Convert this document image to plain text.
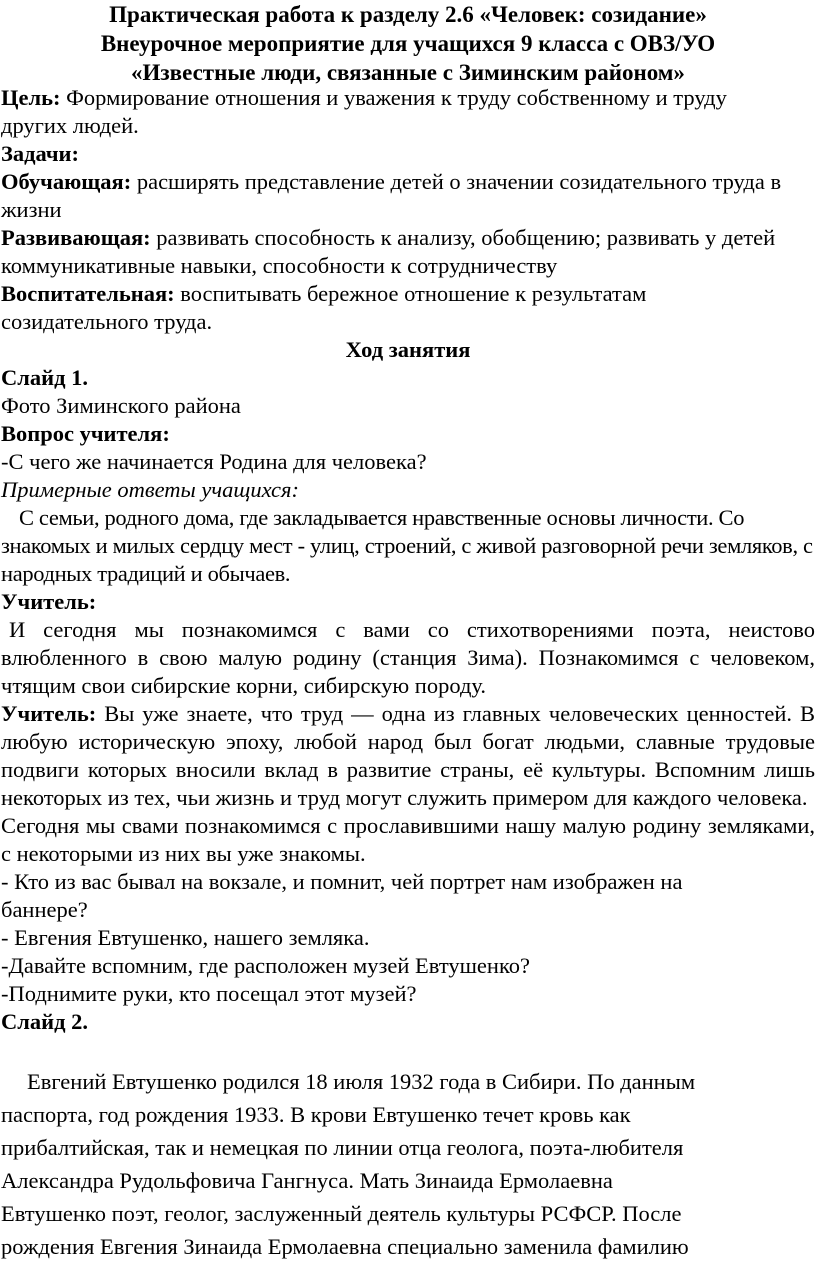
Практическая работа к разделу 2.6 «Человек: созидание»
Внеурочное мероприятие для учащихся 9 класса с ОВЗ/УО
«Известные люди, связанные с Зиминским районом»

Цель: Формирование отношения и уважения к труду собственному и труду других людей.

Задачи:

Обучающая: расширять представление детей о значении созидательного труда в жизни

Развивающая: развивать способность к анализу, обобщению; развивать у детей коммуникативные навыки, способности к сотрудничеству

Воспитательная: воспитывать бережное отношение к результатам созидательного труда.

Ход занятия

Слайд 1.

Фото Зиминского района

Вопрос учителя:

-С чего же начинается Родина для человека?

Примерные ответы учащихся:

С семьи, родного дома, где закладывается нравственные основы личности. Со знакомых и милых сердцу мест - улиц, строений, с живой разговорной речи земляков, с народных традиций и обычаев.

Учитель:

И сегодня мы познакомимся с вами со стихотворениями поэта, неистово влюбленного в свою малую родину (станция Зима). Познакомимся с человеком, чтящим свои сибирские корни, сибирскую породу.

Учитель: Вы уже знаете, что труд — одна из главных человеческих ценностей. В любую историческую эпоху, любой народ был богат людьми, славные трудовые подвиги которых вносили вклад в развитие страны, её культуры. Вспомним лишь некоторых из тех, чьи жизнь и труд могут служить примером для каждого человека.

Сегодня мы свами познакомимся с прославившими нашу малую родину земляками, с некоторыми из них вы уже знакомы.

- Кто из вас бывал на вокзале, и помнит, чей портрет нам изображен на баннере?

- Евгения Евтушенко, нашего земляка.

-Давайте вспомним, где расположен музей Евтушенко?

-Поднимите руки, кто посещал этот музей?

Слайд 2.

Евгений Евтушенко родился 18 июля 1932 года в Сибири. По данным
паспорта, год рождения 1933. В крови Евтушенко течет кровь как
прибалтийская, так и немецкая по линии отца геолога, поэта-любителя
Александра Рудольфовича Гангнуса. Мать Зинаида Ермолаевна
Евтушенко поэт, геолог, заслуженный деятель культуры РСФСР. После
рождения Евгения Зинаида Ермолаевна специально заменила фамилию
